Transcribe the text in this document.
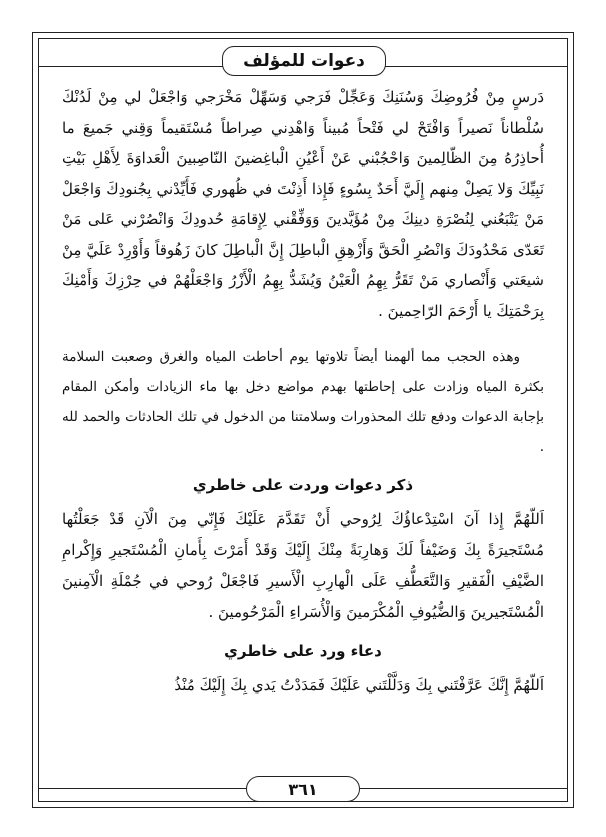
دعوات للمؤلف

دَرسٍ مِنْ فُرُوضِكَ وَسُنَنِكَ وَعَجِّلْ فَرَجي وَسَهِّلْ مَخْرَجي وَاجْعَلْ لي مِنْ لَدُنْكَ سُلْطاناً نَصيراً وَافْتَحْ لي فَتْحاً مُبيناً وَاهْدِني صِراطاً مُسْتَقيماً وَقِني جَميعَ ما أُحاذِرُهُ مِنَ الظّالِمينَ وَاحْجُبْني عَنْ أَعْيُنِ الْباغِضينَ النّاصِبينَ الْعَداوَةَ لِأَهْلِ بَيْتِ نَبِيِّكَ وَلا يَصِلْ مِنهم إِلَيَّ أَحَدٌ بِسُوءٍ فَإِذا أَذِنْتَ في ظُهوري فَأَيِّدْني بِجُنودِكَ وَاجْعَلْ مَنْ يَتْبَعُني لِنُصْرَةِ دينِكَ مِنْ مُؤَيَّدينَ وَوَفِّقْني لِإِقامَةِ حُدودِكَ وَانْصُرْني عَلى مَنْ تَعَدّى مَحْدُودَكَ وَانْصُرِ الْحَقَّ وَأَزْهِقِ الْباطِلَ إِنَّ الْباطِلَ كانَ زَهُوقاً وَأَوْرِدْ عَلَيَّ مِنْ شيعَتي وَأَنْصاري مَنْ تَقَرُّ بِهِمُ الْعَيْنُ وَيُشَدُّ بِهِمُ الْأَزْرُ وَاجْعَلْهُمْ في حِرْزِكَ وَأَمْنِكَ بِرَحْمَتِكَ يا أَرْحَمَ الرّاحِمينَ .

وهذه الحجب مما ألهمنا أيضاً تلاوتها يوم أحاطت المياه والغرق وصعبت السلامة بكثرة المياه وزادت على إحاطتها بهدم مواضع دخل بها ماء الزيادات وأمكن المقام بإجابة الدعوات ودفع تلك المحذورات وسلامتنا من الدخول في تلك الحادثات والحمد لله .

ذكر دعوات وردت على خاطري

اَللّهُمَّ إِذا آنَ اسْتِدْعاؤُكَ لِرُوحي أَنْ تَقَدَّمَ عَلَيْكَ فَإِنّي مِنَ الْآنِ قَدْ جَعَلْتُها مُسْتَجيرَةً بِكَ وَضَيْفاً لَكَ وَهارِبَةً مِنْكَ إِلَيْكَ وَقَدْ أَمَرْتَ بِأَمانِ الْمُسْتَجيرِ وَإِكْرامِ الضَّيْفِ الْفَقيرِ وَالتَّعَطُّفِ عَلَى الْهارِبِ الْأَسيرِ فَاجْعَلْ رُوحي في جُمْلَةِ الْآمِنينَ الْمُسْتَجيرينَ وَالضُّيُوفِ الْمُكْرَمينَ وَالْأُسَراءِ الْمَرْحُومينَ .

دعاء ورد على خاطري

اَللّهُمَّ إِنَّكَ عَرَّفْتَني بِكَ وَدَلَّلْتَني عَلَيْكَ فَمَدَدْتُ يَدي بِكَ إِلَيْكَ مُنْذُ

٣٦١
